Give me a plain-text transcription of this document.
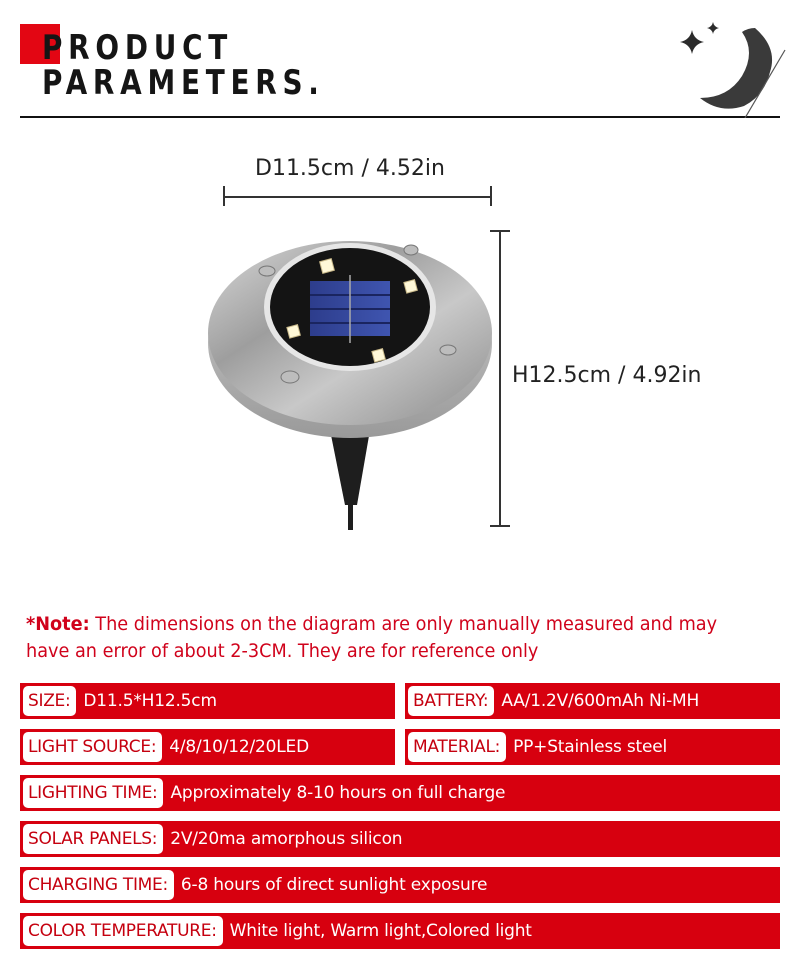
PRODUCT
PARAMETERS.
D11.5cm / 4.52in
H12.5cm / 4.92in
*Note: The dimensions on the diagram are only manually measured and may have an error of about 2-3CM. They are for reference only
SIZE: D11.5*H12.5cm	BATTERY: AA/1.2V/600mAh Ni-MH
LIGHT SOURCE: 4/8/10/12/20LED	MATERIAL: PP+Stainless steel
LIGHTING TIME: Approximately 8-10 hours on full charge
SOLAR PANELS: 2V/20ma amorphous silicon
CHARGING TIME: 6-8 hours of direct sunlight exposure
COLOR TEMPERATURE: White light, Warm light,Colored light
